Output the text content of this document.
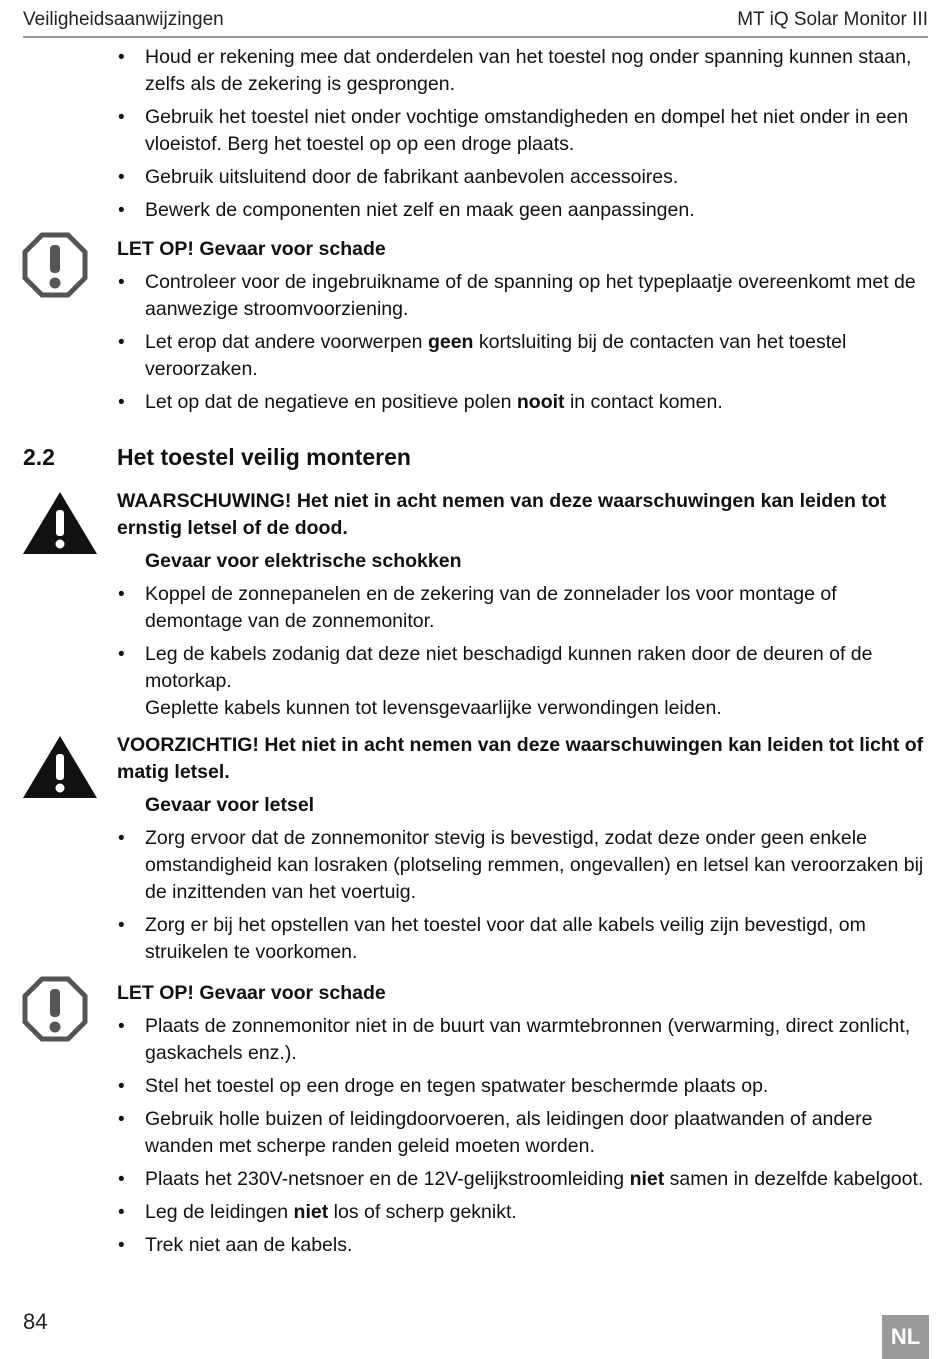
Veiligheidsaanwijzingen	MT iQ Solar Monitor III
• Houd er rekening mee dat onderdelen van het toestel nog onder spanning kunnen staan, zelfs als de zekering is gesprongen.
• Gebruik het toestel niet onder vochtige omstandigheden en dompel het niet onder in een vloeistof. Berg het toestel op op een droge plaats.
• Gebruik uitsluitend door de fabrikant aanbevolen accessoires.
• Bewerk de componenten niet zelf en maak geen aanpassingen.
LET OP! Gevaar voor schade
• Controleer voor de ingebruikname of de spanning op het typeplaatje overeenkomt met de aanwezige stroomvoorziening.
• Let erop dat andere voorwerpen geen kortsluiting bij de contacten van het toestel veroorzaken.
• Let op dat de negatieve en positieve polen nooit in contact komen.
2.2	Het toestel veilig monteren
WAARSCHUWING! Het niet in acht nemen van deze waarschuwingen kan leiden tot ernstig letsel of de dood.
Gevaar voor elektrische schokken
• Koppel de zonnepanelen en de zekering van de zonnelader los voor montage of demontage van de zonnemonitor.
• Leg de kabels zodanig dat deze niet beschadigd kunnen raken door de deuren of de motorkap.
Geplette kabels kunnen tot levensgevaarlijke verwondingen leiden.
VOORZICHTIG! Het niet in acht nemen van deze waarschuwingen kan leiden tot licht of matig letsel.
Gevaar voor letsel
• Zorg ervoor dat de zonnemonitor stevig is bevestigd, zodat deze onder geen enkele omstandigheid kan losraken (plotseling remmen, ongevallen) en letsel kan veroorzaken bij de inzittenden van het voertuig.
• Zorg er bij het opstellen van het toestel voor dat alle kabels veilig zijn bevestigd, om struikelen te voorkomen.
LET OP! Gevaar voor schade
• Plaats de zonnemonitor niet in de buurt van warmtebronnen (verwarming, direct zonlicht, gaskachels enz.).
• Stel het toestel op een droge en tegen spatwater beschermde plaats op.
• Gebruik holle buizen of leidingdoorvoeren, als leidingen door plaatwanden of andere wanden met scherpe randen geleid moeten worden.
• Plaats het 230V-netsnoer en de 12V-gelijkstroomleiding niet samen in dezelfde kabelgoot.
• Leg de leidingen niet los of scherp geknikt.
• Trek niet aan de kabels.
84
NL
